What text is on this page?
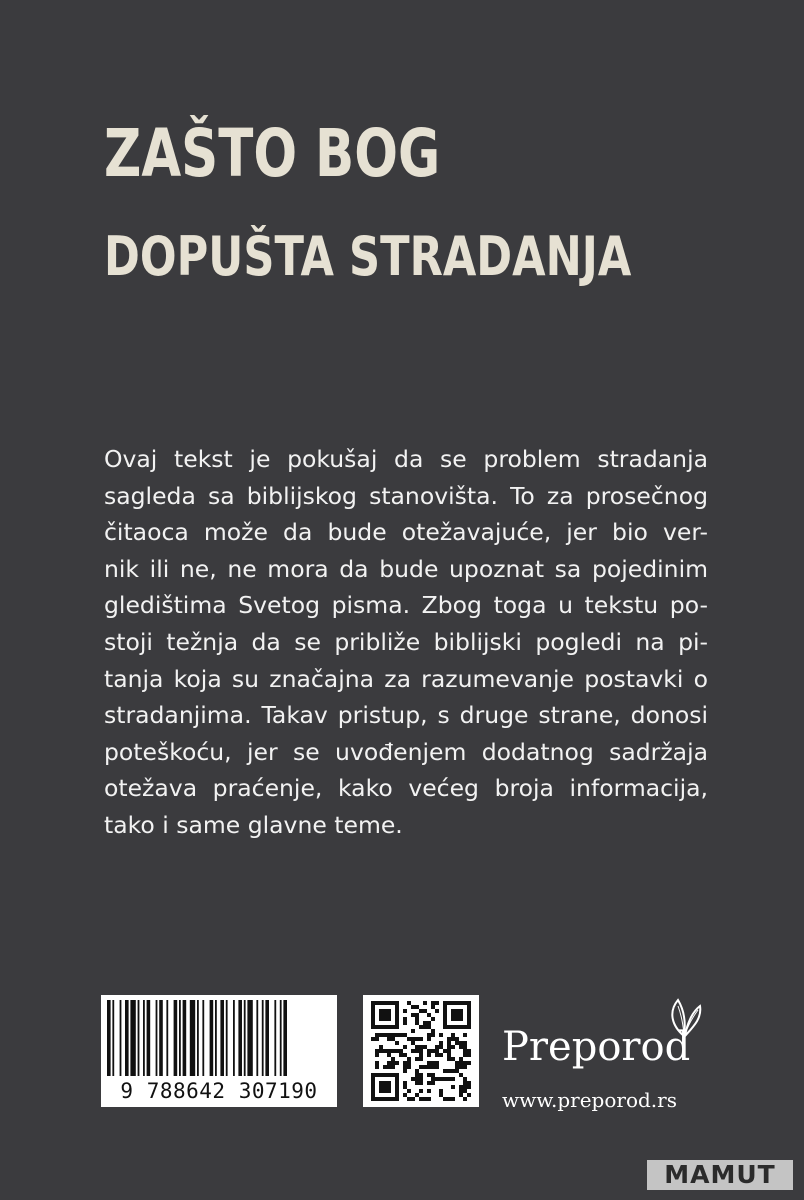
ZAŠTO BOG
DOPUŠTA STRADANJA
Ovaj tekst je pokušaj da se problem stradanja
sagleda sa biblijskog stanovišta. To za prosečnog
čitaoca može da bude otežavajuće, jer bio ver-
nik ili ne, ne mora da bude upoznat sa pojedinim
gledištima Svetog pisma. Zbog toga u tekstu po-
stoji težnja da se približe biblijski pogledi na pi-
tanja koja su značajna za razumevanje postavki o
stradanjima. Takav pristup, s druge strane, donosi
poteškoću, jer se uvođenjem dodatnog sadržaja
otežava praćenje, kako većeg broja informacija,
tako i same glavne teme.
9 788642 307190
Preporod
www.preporod.rs
MAMUT
